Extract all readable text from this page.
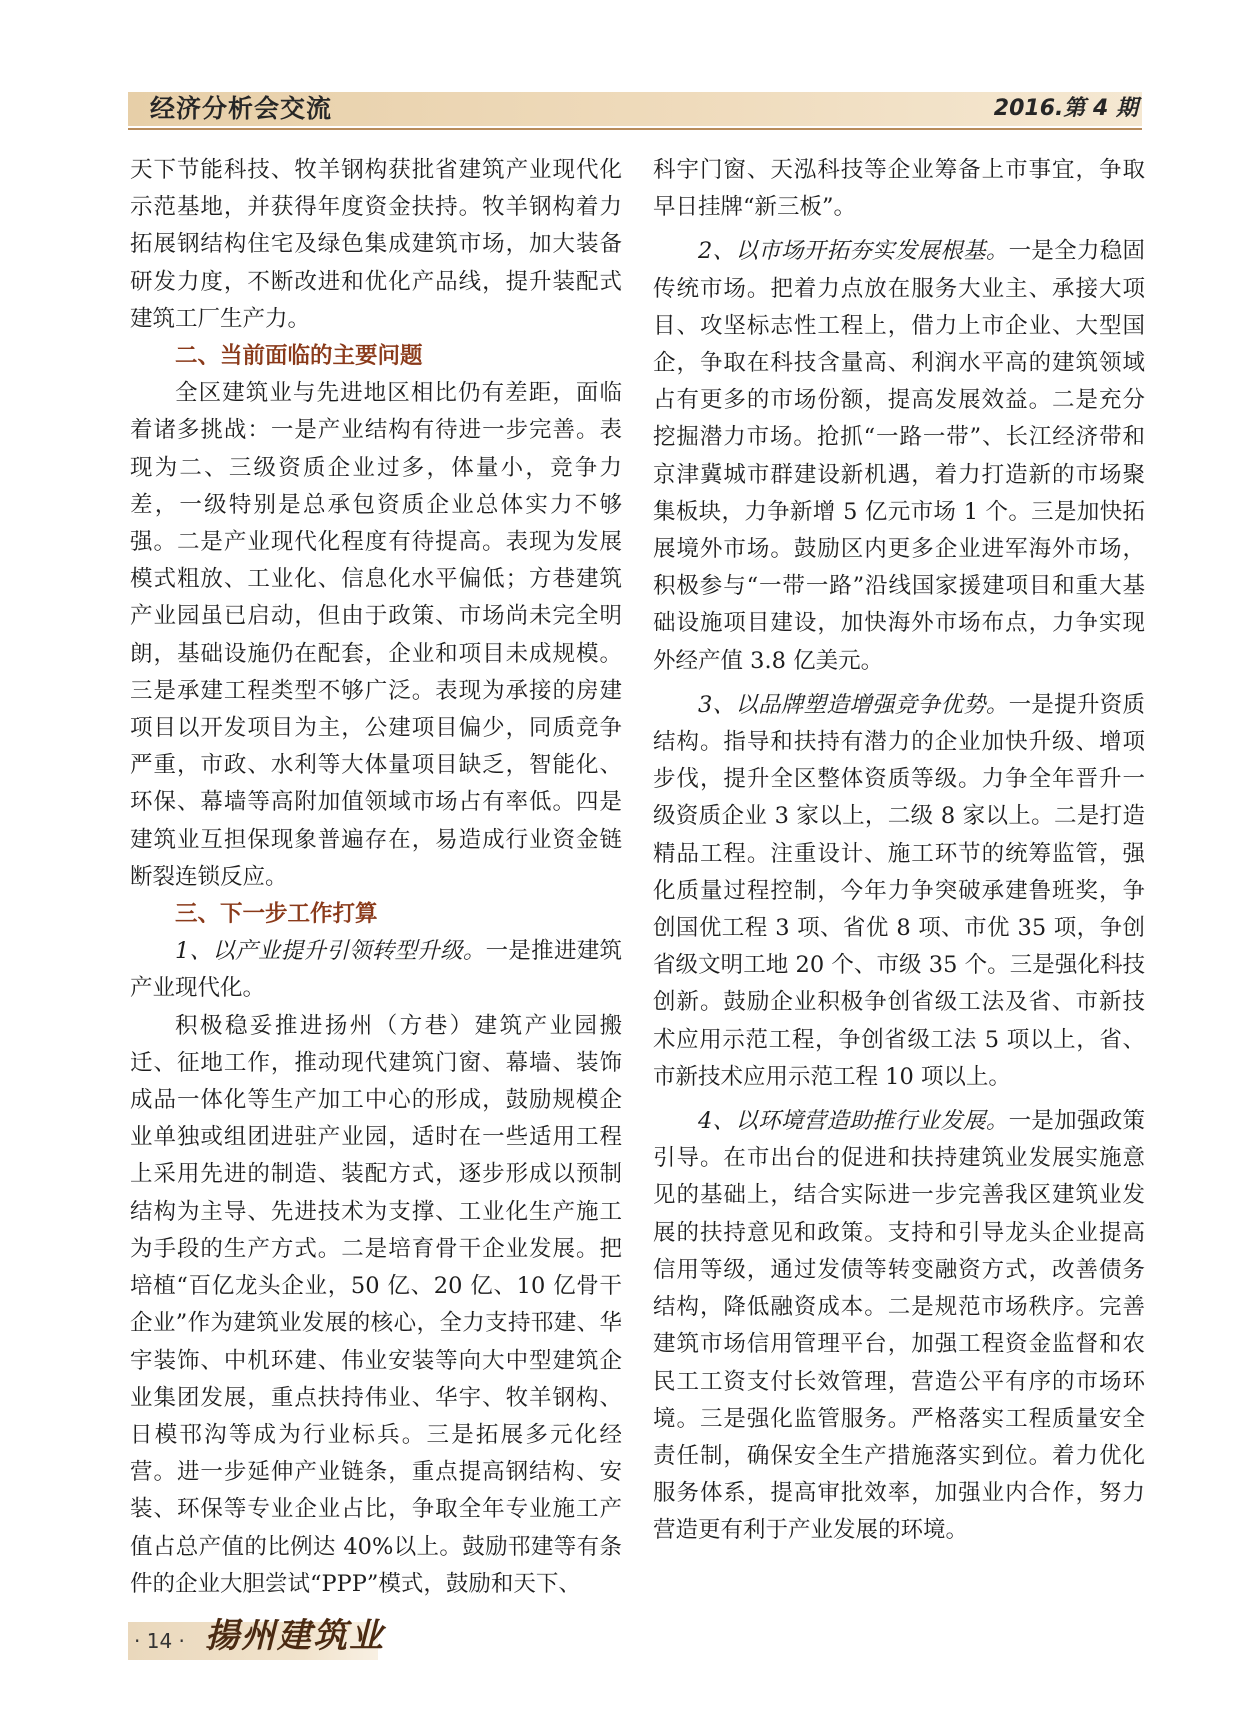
经济分析会交流	2016.第 4 期

天下节能科技、牧羊钢构获批省建筑产业现代化示范基地，并获得年度资金扶持。牧羊钢构着力拓展钢结构住宅及绿色集成建筑市场，加大装备研发力度，不断改进和优化产品线，提升装配式建筑工厂生产力。

二、当前面临的主要问题

全区建筑业与先进地区相比仍有差距，面临着诸多挑战：一是产业结构有待进一步完善。表现为二、三级资质企业过多，体量小，竞争力差，一级特别是总承包资质企业总体实力不够强。二是产业现代化程度有待提高。表现为发展模式粗放、工业化、信息化水平偏低；方巷建筑产业园虽已启动，但由于政策、市场尚未完全明朗，基础设施仍在配套，企业和项目未成规模。三是承建工程类型不够广泛。表现为承接的房建项目以开发项目为主，公建项目偏少，同质竞争严重，市政、水利等大体量项目缺乏，智能化、环保、幕墙等高附加值领域市场占有率低。四是建筑业互担保现象普遍存在，易造成行业资金链断裂连锁反应。

三、下一步工作打算

1、以产业提升引领转型升级。一是推进建筑产业现代化。

积极稳妥推进扬州（方巷）建筑产业园搬迁、征地工作，推动现代建筑门窗、幕墙、装饰成品一体化等生产加工中心的形成，鼓励规模企业单独或组团进驻产业园，适时在一些适用工程上采用先进的制造、装配方式，逐步形成以预制结构为主导、先进技术为支撑、工业化生产施工为手段的生产方式。二是培育骨干企业发展。把培植“百亿龙头企业，50 亿、20 亿、10 亿骨干企业”作为建筑业发展的核心，全力支持邗建、华宇装饰、中机环建、伟业安装等向大中型建筑企业集团发展，重点扶持伟业、华宇、牧羊钢构、日模邗沟等成为行业标兵。三是拓展多元化经营。进一步延伸产业链条，重点提高钢结构、安装、环保等专业企业占比，争取全年专业施工产值占总产值的比例达 40%以上。鼓励邗建等有条件的企业大胆尝试“PPP”模式，鼓励和天下、

科宇门窗、天泓科技等企业筹备上市事宜，争取早日挂牌“新三板”。

2、以市场开拓夯实发展根基。一是全力稳固传统市场。把着力点放在服务大业主、承接大项目、攻坚标志性工程上，借力上市企业、大型国企，争取在科技含量高、利润水平高的建筑领域占有更多的市场份额，提高发展效益。二是充分挖掘潜力市场。抢抓“一路一带”、长江经济带和京津冀城市群建设新机遇，着力打造新的市场聚集板块，力争新增 5 亿元市场 1 个。三是加快拓展境外市场。鼓励区内更多企业进军海外市场，积极参与“一带一路”沿线国家援建项目和重大基础设施项目建设，加快海外市场布点，力争实现外经产值 3.8 亿美元。

3、以品牌塑造增强竞争优势。一是提升资质结构。指导和扶持有潜力的企业加快升级、增项步伐，提升全区整体资质等级。力争全年晋升一级资质企业 3 家以上，二级 8 家以上。二是打造精品工程。注重设计、施工环节的统筹监管，强化质量过程控制，今年力争突破承建鲁班奖，争创国优工程 3 项、省优 8 项、市优 35 项，争创省级文明工地 20 个、市级 35 个。三是强化科技创新。鼓励企业积极争创省级工法及省、市新技术应用示范工程，争创省级工法 5 项以上，省、市新技术应用示范工程 10 项以上。

4、以环境营造助推行业发展。一是加强政策引导。在市出台的促进和扶持建筑业发展实施意见的基础上，结合实际进一步完善我区建筑业发展的扶持意见和政策。支持和引导龙头企业提高信用等级，通过发债等转变融资方式，改善债务结构，降低融资成本。二是规范市场秩序。完善建筑市场信用管理平台，加强工程资金监督和农民工工资支付长效管理，营造公平有序的市场环境。三是强化监管服务。严格落实工程质量安全责任制，确保安全生产措施落实到位。着力优化服务体系，提高审批效率，加强业内合作，努力营造更有利于产业发展的环境。

· 14 · 揚州建筑业
